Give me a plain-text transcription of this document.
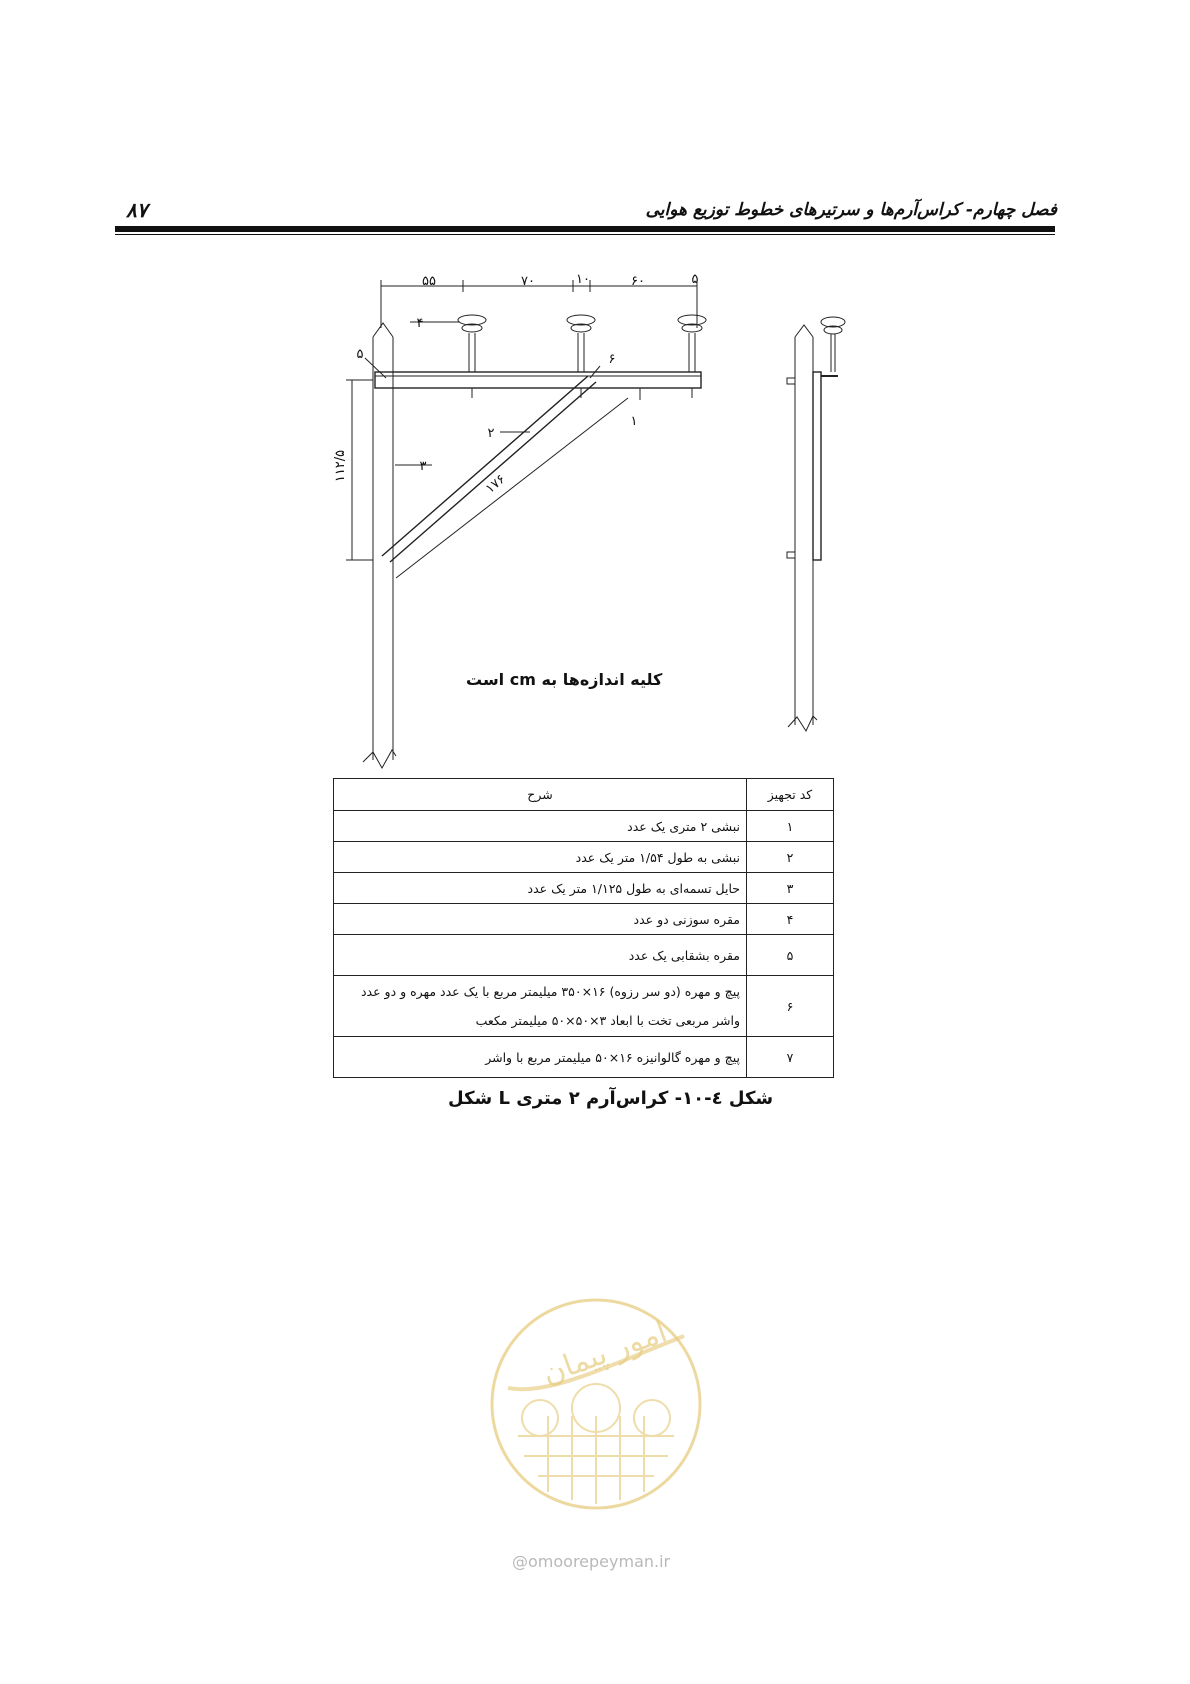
فصل چهارم- کراس‌آرم‌ها و سرتیرهای خطوط توزیع هوایی
۸۷
۵۵	۷۰	۱۰	۶۰	۵
۱۱۲/۵
۱۷۶
۱
۲
۳
۴
۵	۶
کلیه اندازه‌ها به cm است
کد تجهیز	شرح
۱	نبشی ۲ متری یک عدد
۲	نبشی به طول ۱/۵۴ متر یک عدد
۳	حایل تسمه‌ای به طول ۱/۱۲۵ متر یک عدد
۴	مقره سوزنی دو عدد
۵	مقره بشقابی یک عدد
۶	پیچ و مهره (دو سر رزوه) ۱۶×۳۵۰ میلیمتر مربع با یک عدد مهره و دو عدد واشر مربعی تخت با ابعاد ۳×۵۰×۵۰ میلیمتر مکعب
۷	پیچ و مهره گالوانیزه ۱۶×۵۰ میلیمتر مربع با واشر
شکل ٤-۱۰- کراس‌آرم ۲ متری L شکل
امور پیمان
@omoorepeyman.ir
